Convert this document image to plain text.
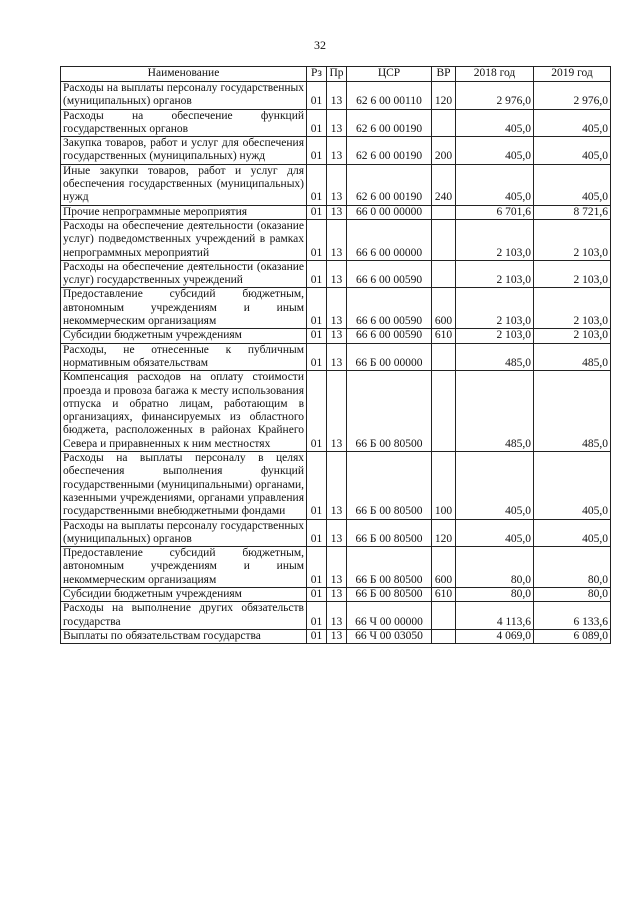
32
Наименование	Рз	Пр	ЦСР	ВР	2018 год	2019 год
Расходы на выплаты персоналу государственных (муниципальных) органов	01	13	62 6 00 00110	120	2 976,0	2 976,0
Расходы на обеспечение функций государственных органов	01	13	62 6 00 00190		405,0	405,0
Закупка товаров, работ и услуг для обеспечения государственных (муниципальных) нужд	01	13	62 6 00 00190	200	405,0	405,0
Иные закупки товаров, работ и услуг для обеспечения государственных (муниципальных) нужд	01	13	62 6 00 00190	240	405,0	405,0
Прочие непрограммные мероприятия	01	13	66 0 00 00000		6 701,6	8 721,6
Расходы на обеспечение деятельности (оказание услуг) подведомственных учреждений в рамках непрограммных мероприятий	01	13	66 6 00 00000		2 103,0	2 103,0
Расходы на обеспечение деятельности (оказание услуг) государственных учреждений	01	13	66 6 00 00590		2 103,0	2 103,0
Предоставление субсидий бюджетным, автономным учреждениям и иным некоммерческим организациям	01	13	66 6 00 00590	600	2 103,0	2 103,0
Субсидии бюджетным учреждениям	01	13	66 6 00 00590	610	2 103,0	2 103,0
Расходы, не отнесенные к публичным нормативным обязательствам	01	13	66 Б 00 00000		485,0	485,0
Компенсация расходов на оплату стоимости проезда и провоза багажа к месту использования отпуска и обратно лицам, работающим в организациях, финансируемых из областного бюджета, расположенных в районах Крайнего Севера и приравненных к ним местностях	01	13	66 Б 00 80500		485,0	485,0
Расходы на выплаты персоналу в целях обеспечения выполнения функций государственными (муниципальными) органами, казенными учреждениями, органами управления государственными внебюджетными фондами	01	13	66 Б 00 80500	100	405,0	405,0
Расходы на выплаты персоналу государственных (муниципальных) органов	01	13	66 Б 00 80500	120	405,0	405,0
Предоставление субсидий бюджетным, автономным учреждениям и иным некоммерческим организациям	01	13	66 Б 00 80500	600	80,0	80,0
Субсидии бюджетным учреждениям	01	13	66 Б 00 80500	610	80,0	80,0
Расходы на выполнение других обязательств государства	01	13	66 Ч 00 00000		4 113,6	6 133,6
Выплаты по обязательствам государства	01	13	66 Ч 00 03050		4 069,0	6 089,0
